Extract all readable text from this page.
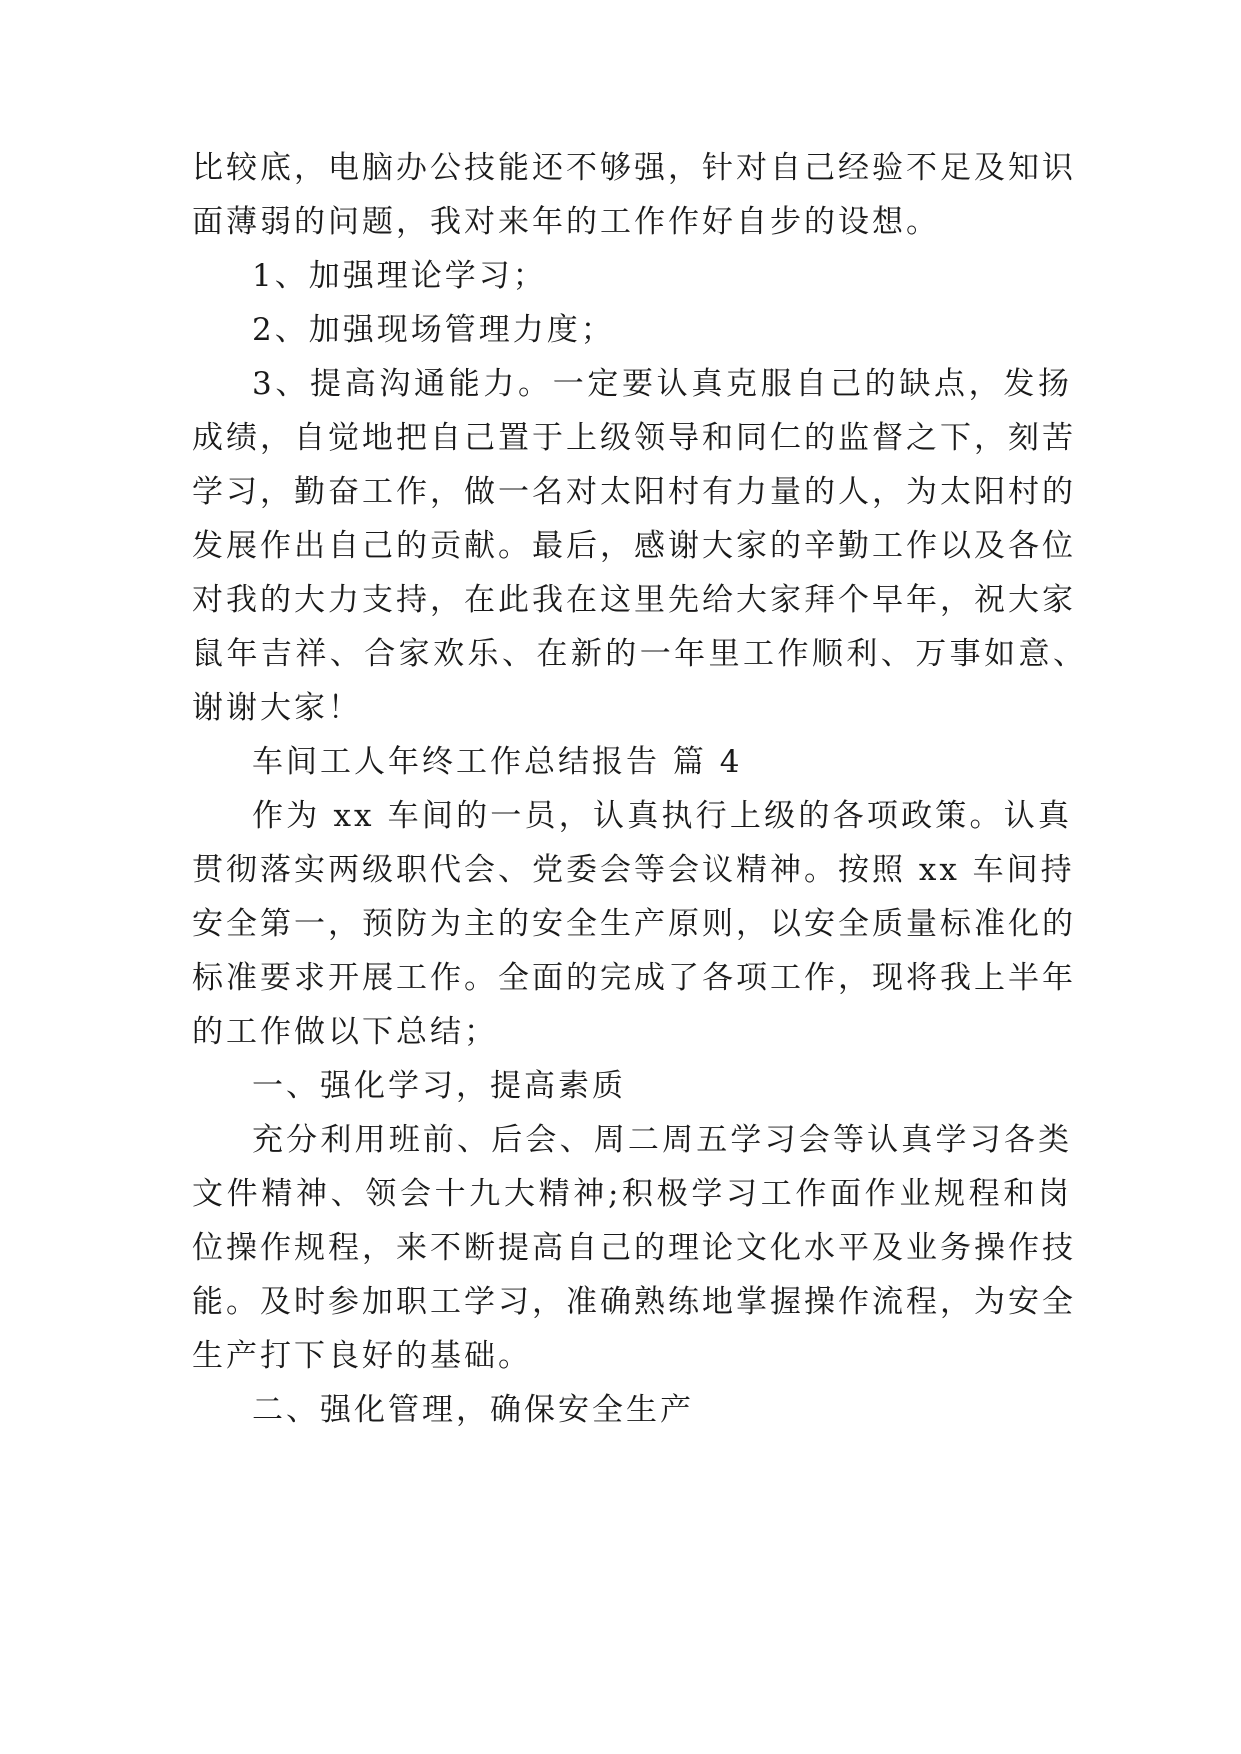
比较底，电脑办公技能还不够强，针对自己经验不足及知识
面薄弱的问题，我对来年的工作作好自步的设想。
1、加强理论学习；
2、加强现场管理力度；
3、提高沟通能力。一定要认真克服自己的缺点，发扬
成绩，自觉地把自己置于上级领导和同仁的监督之下，刻苦
学习，勤奋工作，做一名对太阳村有力量的人，为太阳村的
发展作出自己的贡献。最后，感谢大家的辛勤工作以及各位
对我的大力支持，在此我在这里先给大家拜个早年，祝大家
鼠年吉祥、合家欢乐、在新的一年里工作顺利、万事如意、
谢谢大家！
车间工人年终工作总结报告 篇 4
作为 xx 车间的一员，认真执行上级的各项政策。认真
贯彻落实两级职代会、党委会等会议精神。按照 xx 车间持
安全第一，预防为主的安全生产原则，以安全质量标准化的
标准要求开展工作。全面的完成了各项工作，现将我上半年
的工作做以下总结；
一、强化学习，提高素质
充分利用班前、后会、周二周五学习会等认真学习各类
文件精神、领会十九大精神;积极学习工作面作业规程和岗
位操作规程，来不断提高自己的理论文化水平及业务操作技
能。及时参加职工学习，准确熟练地掌握操作流程，为安全
生产打下良好的基础。
二、强化管理，确保安全生产
